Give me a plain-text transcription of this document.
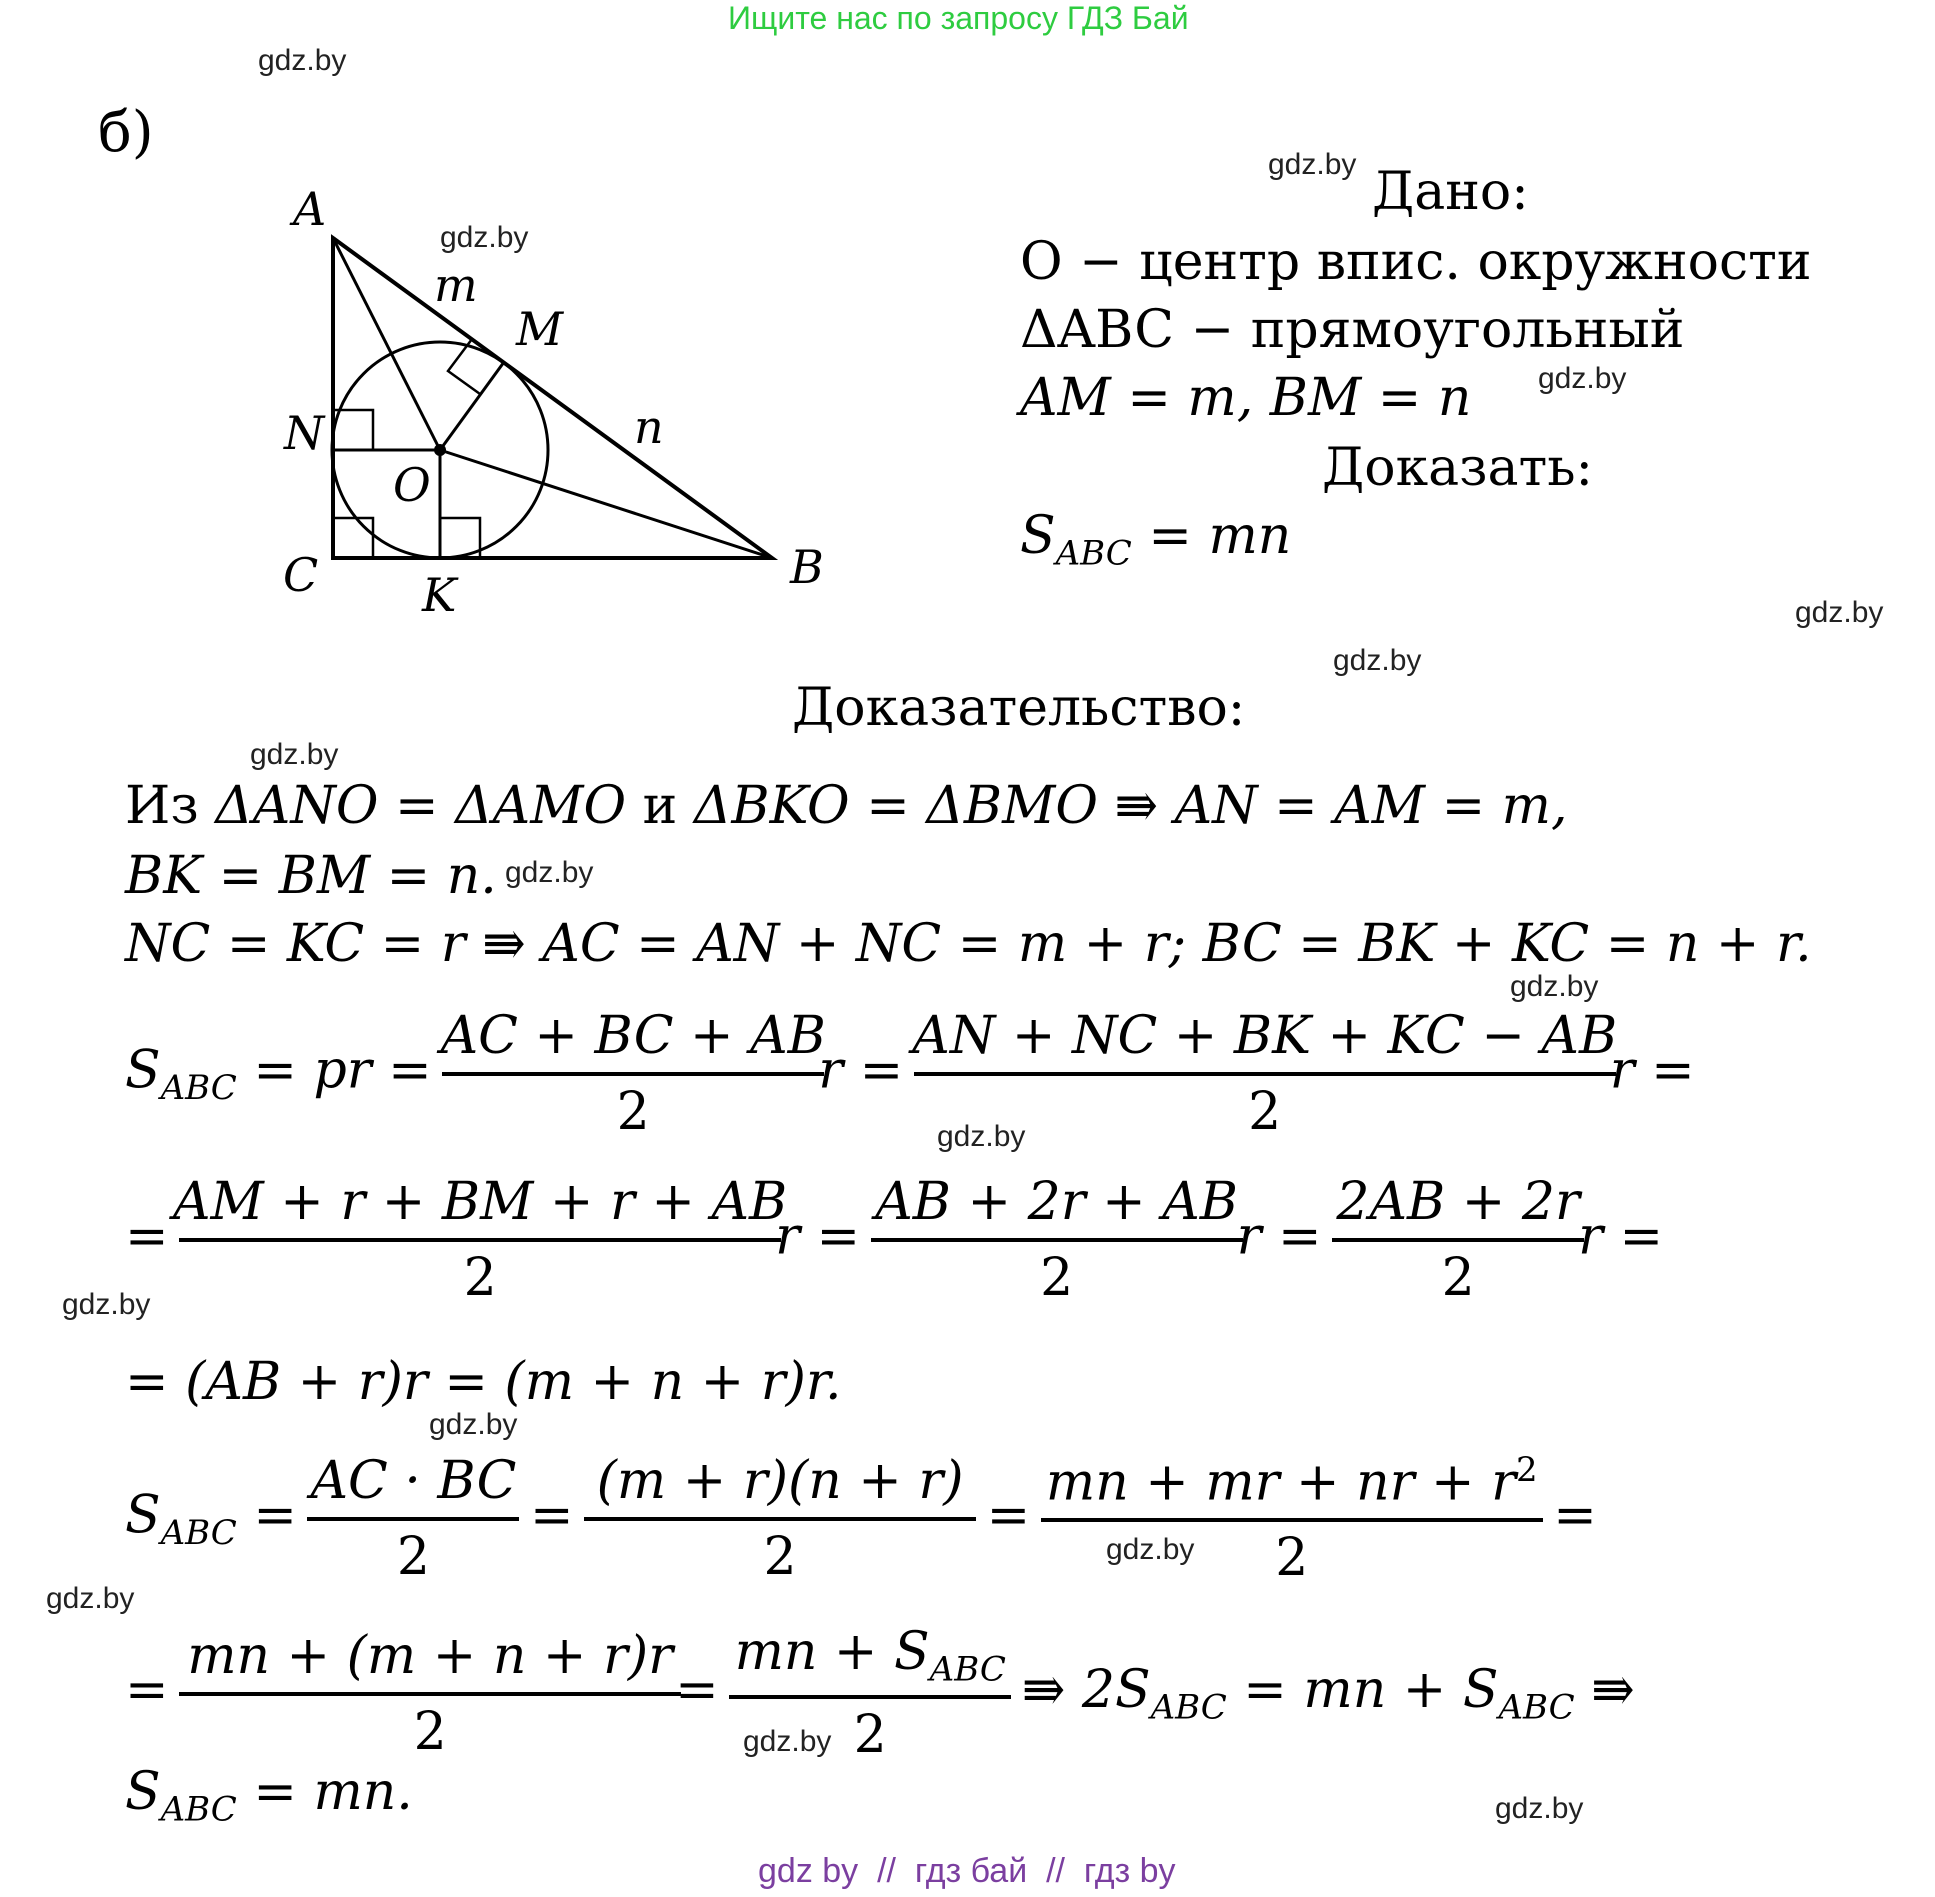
Ищите нас по запросу ГДЗ Бай
gdz.by
gdz.by
gdz.by
gdz.by
gdz.by
gdz.by
gdz.by
gdz.by
gdz.by
gdz.by
gdz.by
gdz.by
gdz.by
gdz.by
gdz.by
gdz.by
б)
A
m
M
n
N
O
C K
B
Дано:
O − центр впис. окружности
ΔABC − прямоугольный
AM = m, BM = n
Доказать:
$S_{ABC}$ = mn
Доказательство:
Из ΔANO = ΔAMO и ΔBKO = ΔBMO ⇛ AN = AM = m,
BK = BM = n.
NC = KC = r ⇛ AC = AN + NC = m + r; BC = BK + KC = n + r.
$S_{ABC}$ = pr = $\frac{AC + BC + AB}{2}$ $r = \frac{AN + NC + BK + KC - AB}{2}$ r =
= $\frac{AM + r + BM + r + AB}{2}$ $r = \frac{AB + 2r + AB}{2}$ $r = \frac{2AB + 2r}{2}$ r =
= (AB + r)r = (m + n + r)r.
$S_{ABC} = \frac{AC \cdot BC}{2} = \frac{(m + r)(n + r)}{2} = \frac{mn + mr + nr + r^2}{2}$ =
= $\frac{mn + (m + n + r)r}{2} = \frac{mn + S_{ABC}}{2}$ ⇛ $2S_{ABC}$ = mn + $S_{ABC}$ ⇛
$S_{ABC}$ = mn.
gdz by  //  гдз бай  //  гдз by
